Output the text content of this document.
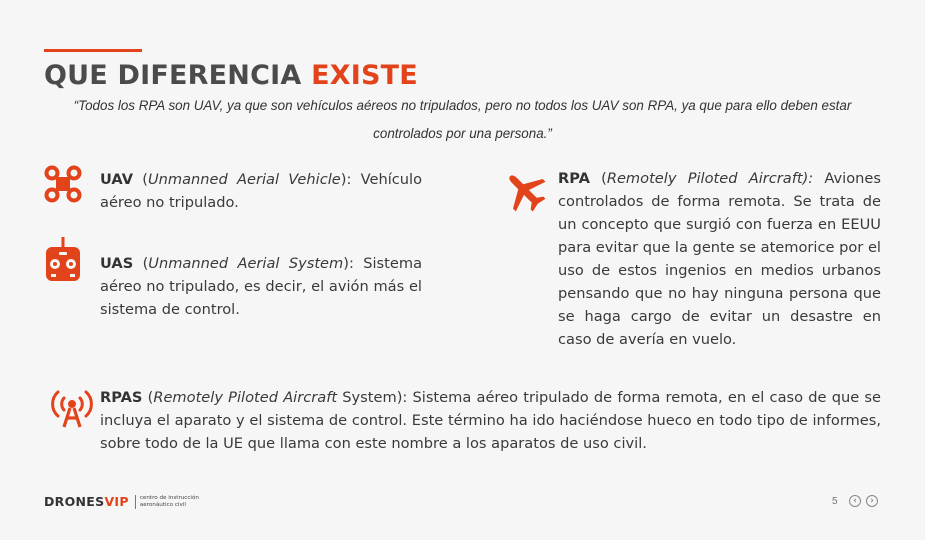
QUE DIFERENCIA EXISTE
“Todos los RPA son UAV, ya que son vehículos aéreos no tripulados, pero no todos los UAV son RPA, ya que para ello deben estar
controlados por una persona.”

UAV (Unmanned Aerial Vehicle): Vehículo aéreo no tripulado.

UAS (Unmanned Aerial System): Sistema aéreo no tripulado, es decir, el avión más el sistema de control.

RPA (Remotely Piloted Aircraft): Aviones controlados de forma remota. Se trata de un concepto que surgió con fuerza en EEUU para evitar que la gente se atemorice por el uso de estos ingenios en medios urbanos pensando que no hay ninguna persona que se haga cargo de evitar un desastre en caso de avería en vuelo.

RPAS (Remotely Piloted Aircraft System): Sistema aéreo tripulado de forma remota, en el caso de que se incluya el aparato y el sistema de control. Este término ha ido haciéndose hueco en todo tipo de informes, sobre todo de la UE que llama con este nombre a los aparatos de uso civil.

DRONESVIP centro de instrucción
aeronáutico civil	5 ‹ ›
